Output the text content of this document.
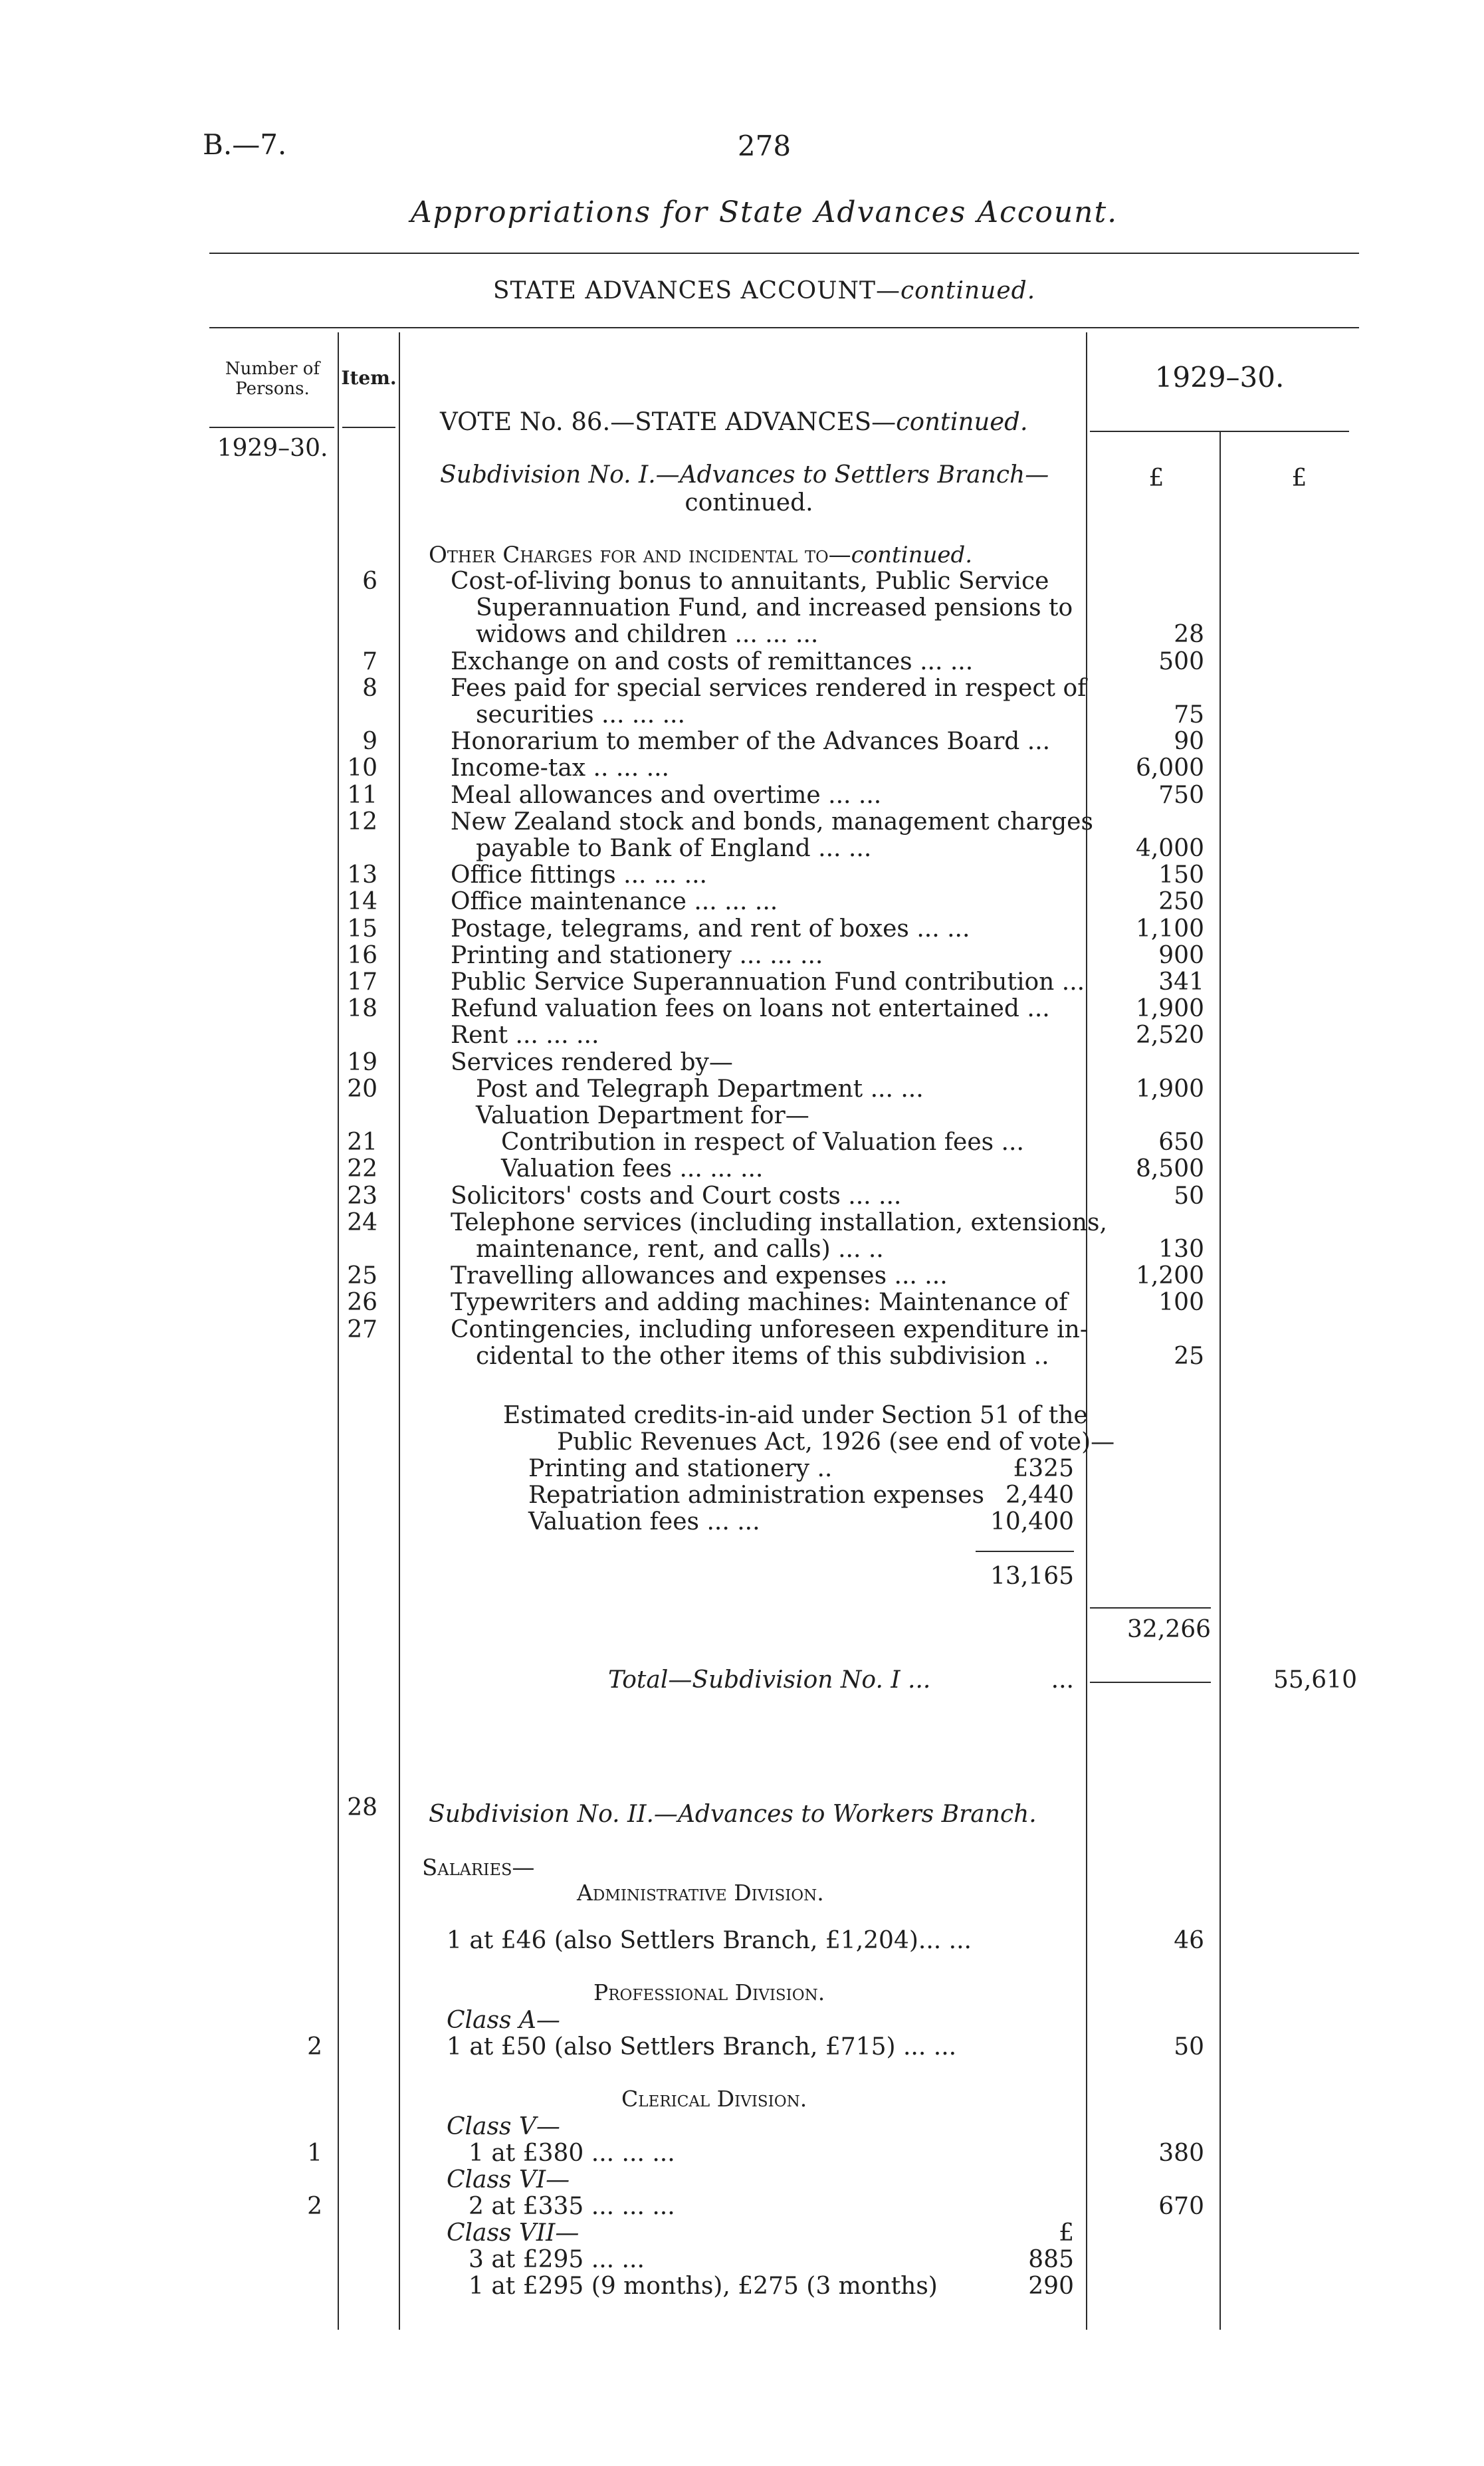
B.—7.	278
Appropriations for State Advances Account.
STATE ADVANCES ACCOUNT—continued.
Number of Persons.	Item.	1929–30.
1929–30.
£	£
VOTE No. 86.—STATE ADVANCES—continued.
Subdivision No. I.—Advances to Settlers Branch—
continued.
Other Charges for and incidental to—continued.
6	Cost-of-living bonus to annuitants, Public Service
Superannuation Fund, and increased pensions to
widows and children ... ... ...	28
7	Exchange on and costs of remittances ... ...	500
8	Fees paid for special services rendered in respect of
securities ... ... ...	75
9	Honorarium to member of the Advances Board ...	90
10	Income-tax .. ... ...	6,000
11	Meal allowances and overtime ... ...	750
12	New Zealand stock and bonds, management charges
payable to Bank of England ... ...	4,000
13	Office fittings ... ... ...	150
14	Office maintenance ... ... ...	250
15	Postage, telegrams, and rent of boxes ... ...	1,100
16	Printing and stationery ... ... ...	900
17	Public Service Superannuation Fund contribution ...	341
18	Refund valuation fees on loans not entertained ...	1,900
Rent ... ... ...	2,520
19	Services rendered by—
20	Post and Telegraph Department ... ...	1,900
Valuation Department for—
21	Contribution in respect of Valuation fees ...	650
22	Valuation fees ... ... ...	8,500
23	Solicitors' costs and Court costs ... ...	50
24	Telephone services (including installation, extensions,
maintenance, rent, and calls) ... ..	130
25	Travelling allowances and expenses ... ...	1,200
26	Typewriters and adding machines: Maintenance of	100
27	Contingencies, including unforeseen expenditure in-
cidental to the other items of this subdivision ..	25
Estimated credits-in-aid under Section 51 of the
Public Revenues Act, 1926 (see end of vote)—
Printing and stationery ..	£325
Repatriation administration expenses 2,440
Valuation fees ... ...	10,400
13,165
32,266
Total—Subdivision No. I ...	...	55,610
28 Subdivision No. II.—Advances to Workers Branch.
Salaries—
Administrative Division.
1 at £46 (also Settlers Branch, £1,204)... ...	46
Professional Division.
Class A—
2	1 at £50 (also Settlers Branch, £715) ... ...	50
Clerical Division.
Class V—
1	1 at £380 ... ... ...	380
Class VI—
2	2 at £335 ... ... ...	670
Class VII—	£
3 at £295 ... ...	885
1 at £295 (9 months), £275 (3 months)	290
